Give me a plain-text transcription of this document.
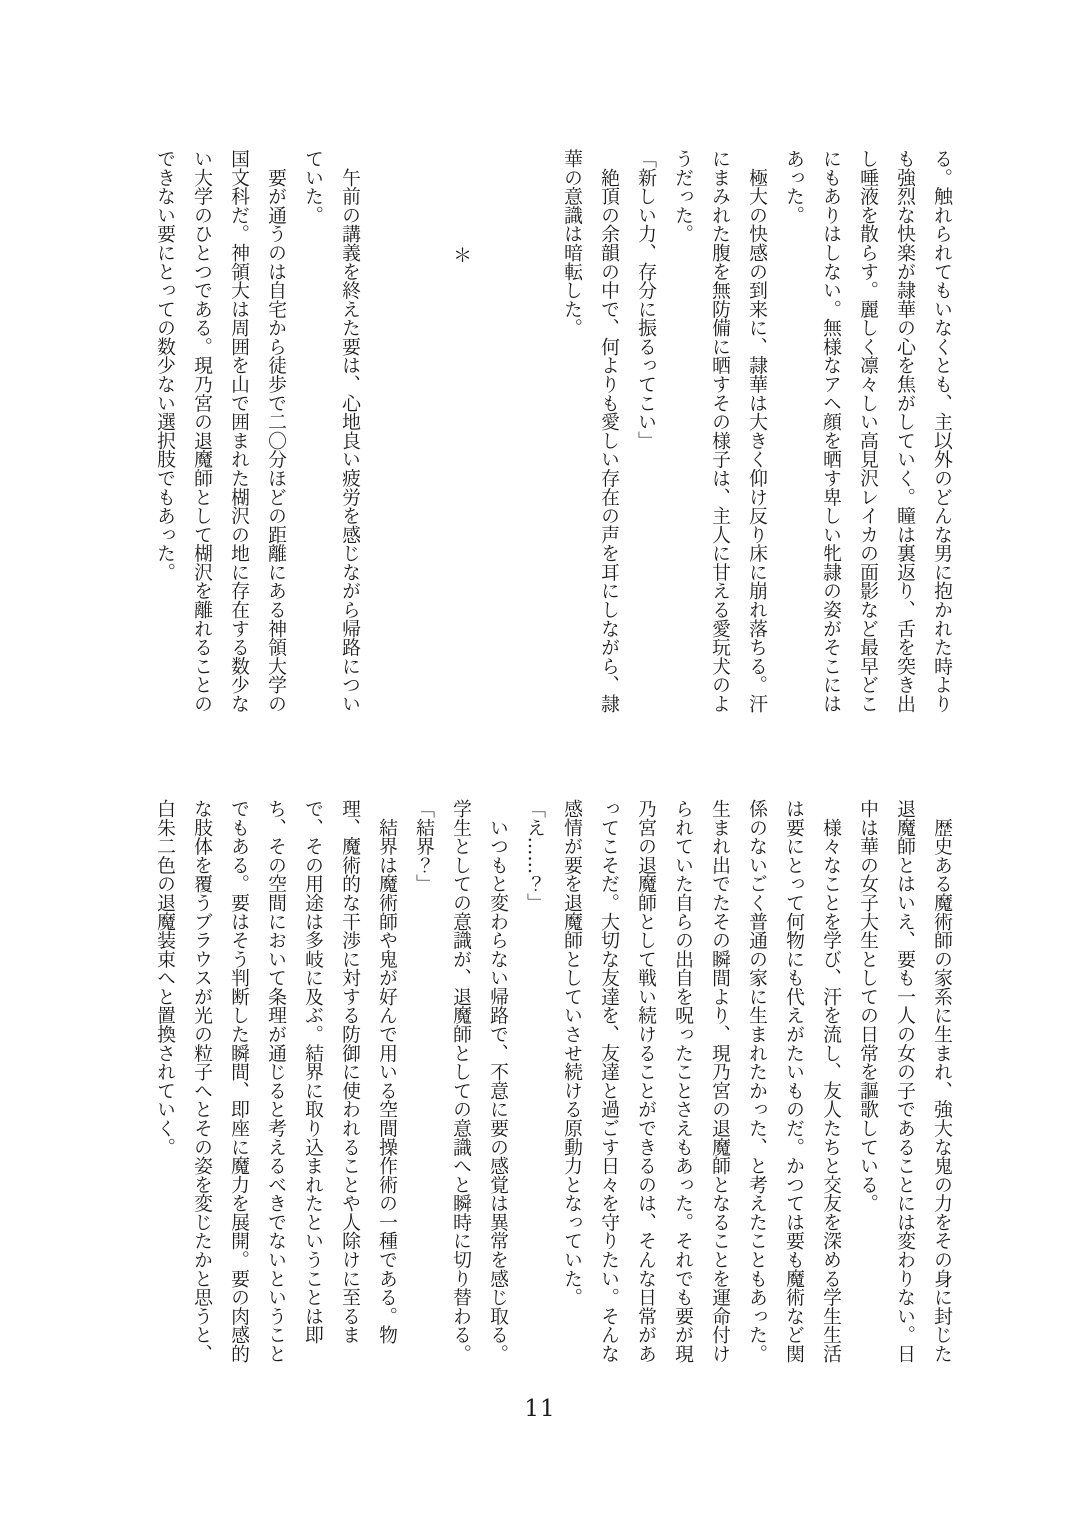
る。触れられてもいなくとも、主以外のどんな男に抱かれた時より

も強烈な快楽が隷華の心を焦がしていく。瞳は裏返り、舌を突き出

し唾液を散らす。麗しく凛々しい高見沢レイカの面影など最早どこ

にもありはしない。無様なアヘ顔を晒す卑しい牝隷の姿がそこには

あった。

　極大の快感の到来に、隷華は大きく仰け反り床に崩れ落ちる。汗

にまみれた腹を無防備に晒すその様子は、主人に甘える愛玩犬のよ

うだった。

「新しい力、存分に振るってこい」

　絶頂の余韻の中で、何よりも愛しい存在の声を耳にしながら、隷

華の意識は暗転した。

＊

　午前の講義を終えた要は、心地良い疲労を感じながら帰路につい

ていた。

　要が通うのは自宅から徒歩で二〇分ほどの距離にある神領大学の

国文科だ。神領大は周囲を山で囲まれた楜沢の地に存在する数少な

い大学のひとつである。現乃宮の退魔師として楜沢を離れることの

できない要にとっての数少ない選択肢でもあった。

　歴史ある魔術師の家系に生まれ、強大な鬼の力をその身に封じた

退魔師とはいえ、要も一人の女の子であることには変わりない。日

中は華の女子大生としての日常を謳歌している。

　様々なことを学び、汗を流し、友人たちと交友を深める学生生活

は要にとって何物にも代えがたいものだ。かつては要も魔術など関

係のないごく普通の家に生まれたかった、と考えたこともあった。

生まれ出でたその瞬間より、現乃宮の退魔師となることを運命付け

られていた自らの出自を呪ったことさえもあった。それでも要が現

乃宮の退魔師として戦い続けることができるのは、そんな日常があ

ってこそだ。大切な友達を、友達と過ごす日々を守りたい。そんな

感情が要を退魔師としていさせ続ける原動力となっていた。

「え……？」

　いつもと変わらない帰路で、不意に要の感覚は異常を感じ取る。

学生としての意識が、退魔師としての意識へと瞬時に切り替わる。

「結界？」

　結界は魔術師や鬼が好んで用いる空間操作術の一種である。物

理、魔術的な干渉に対する防御に使われることや人除けに至るま

で、その用途は多岐に及ぶ。結界に取り込まれたということは即

ち、その空間において条理が通じると考えるべきでないということ

でもある。要はそう判断した瞬間、即座に魔力を展開。要の肉感的

な肢体を覆うブラウスが光の粒子へとその姿を変じたかと思うと、

白朱二色の退魔装束へと置換されていく。

11
